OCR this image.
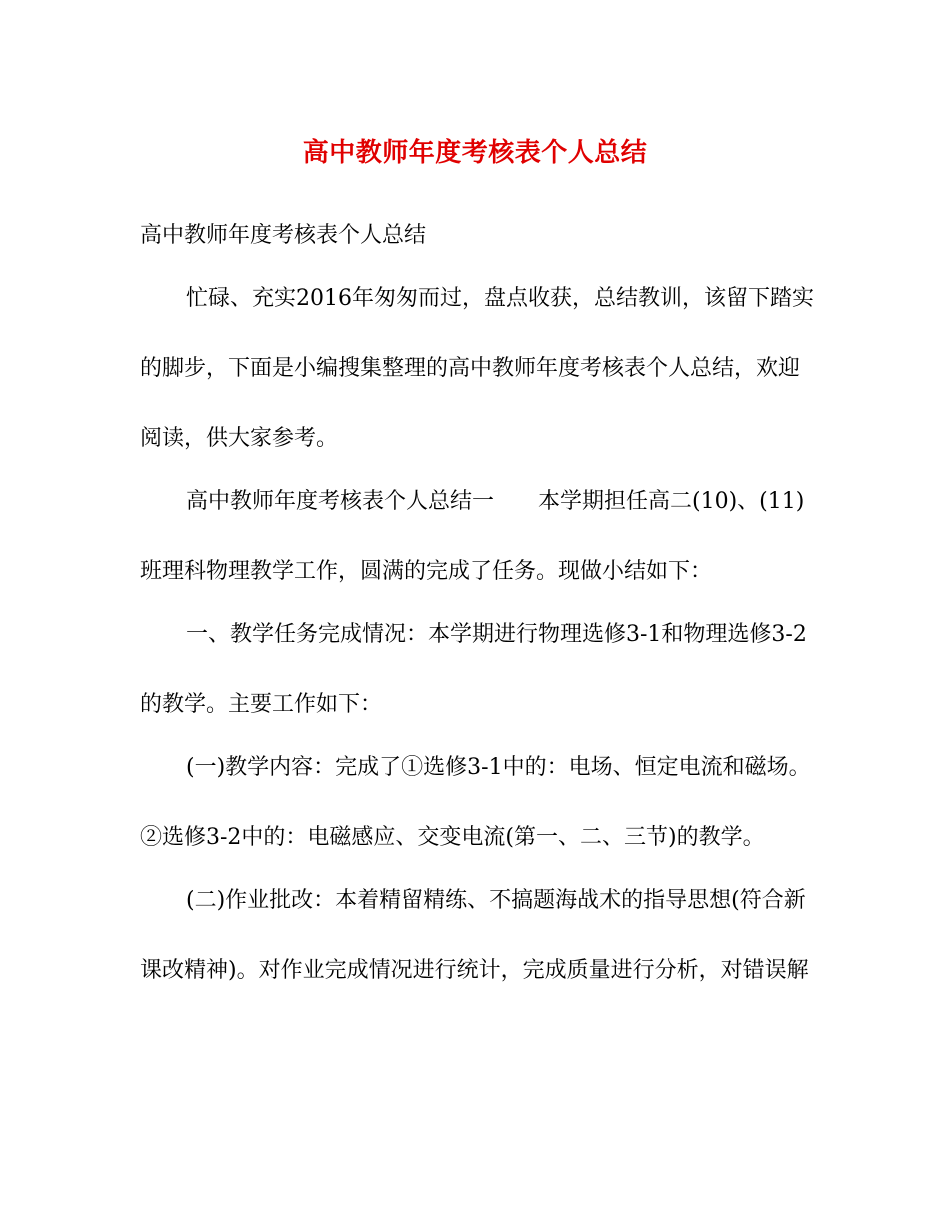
高中教师年度考核表个人总结
高中教师年度考核表个人总结
忙碌、充实2016年匆匆而过，盘点收获，总结教训，该留下踏实
的脚步，下面是小编搜集整理的高中教师年度考核表个人总结，欢迎
阅读，供大家参考。
高中教师年度考核表个人总结一　　本学期担任高二(10)、(11)
班理科物理教学工作，圆满的完成了任务。现做小结如下：
一、教学任务完成情况：本学期进行物理选修3-1和物理选修3-2
的教学。主要工作如下：
(一)教学内容：完成了①选修3-1中的：电场、恒定电流和磁场。
②选修3-2中的：电磁感应、交变电流(第一、二、三节)的教学。
(二)作业批改：本着精留精练、不搞题海战术的指导思想(符合新
课改精神)。对作业完成情况进行统计，完成质量进行分析，对错误解
